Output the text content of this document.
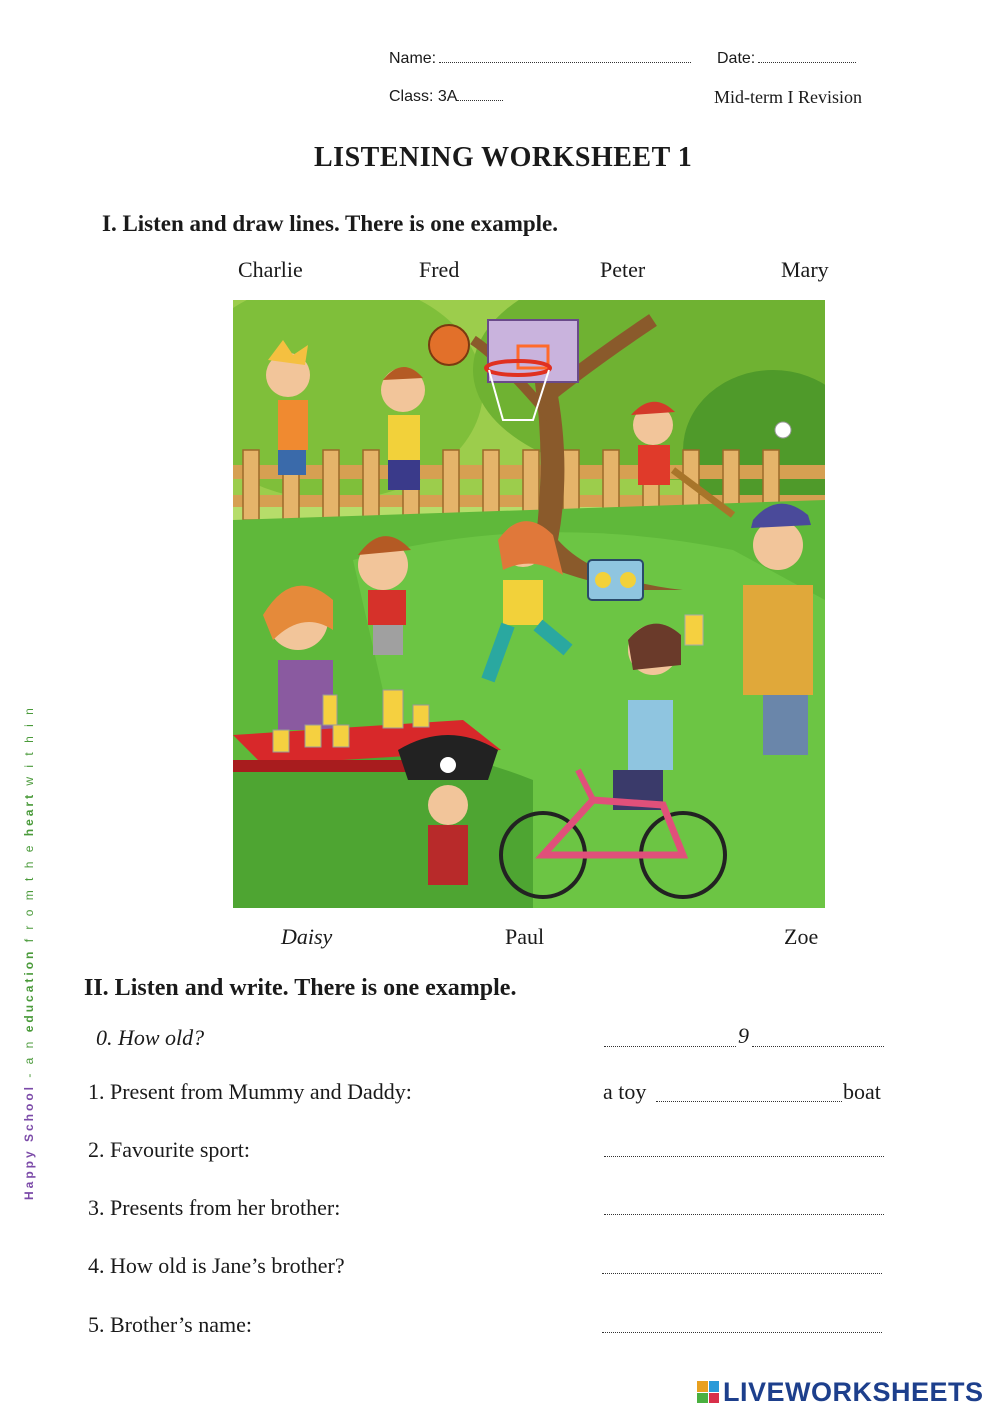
Name:	Date:
Class: 3A	Mid-term I Revision
LISTENING WORKSHEET 1
I. Listen and draw lines. There is one example.
Charlie	Fred	Peter	Mary
Daisy	Paul	Zoe
II. Listen and write. There is one example.
0. How old?	9
1. Present from Mummy and Daddy:	a toy	boat
2. Favourite sport:
3. Presents from her brother:
4. How old is Jane’s brother?
5. Brother’s name:
Happy School - a n education f r o m t h e heart w i t h i n
LIVEWORKSHEETS
